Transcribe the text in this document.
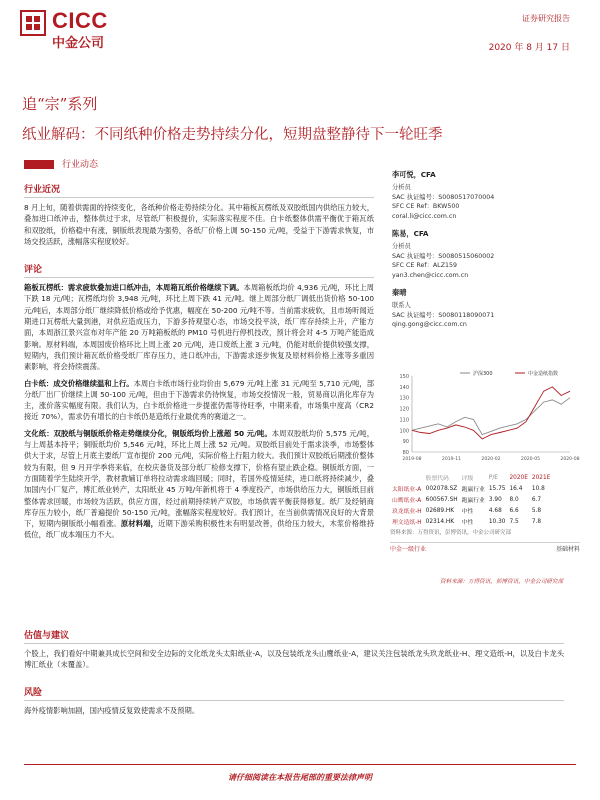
CICC
中金公司
证券研究报告
2020 年 8 月 17 日
追“宗”系列
纸业解码：不同纸种价格走势持续分化，短期盘整静待下一轮旺季
行业动态
行业近况
8 月上旬，随着供需面的持续变化，各纸种价格走势持续分化。其中箱板瓦楞纸及双胶纸国内供给压力较大，叠加进口纸冲击，整体供过于求，尽管纸厂积极提价，实际落实程度不佳。白卡纸整体供需平衡优于箱瓦纸和双胶纸，价格稳中有涨，铜版纸表现最为强势，各纸厂价格上调 50-150 元/吨，受益于下游需求恢复，市场交投活跃，涨幅落实程度较好。
评论
箱板瓦楞纸：需求疲软叠加进口纸冲击，本周箱瓦纸价格继续下调。本周箱板纸均价 4,936 元/吨，环比上周下跌 18 元/吨；瓦楞纸均价 3,948 元/吨，环比上周下跌 41 元/吨。继上周部分纸厂调低出货价格 50-100 元/吨后，本周部分纸厂继续降低价格或给予优惠，幅度在 50-200 元/吨不等。当前需求疲软，且市场听闻近期进口瓦楞纸大量到港，对供应造成压力，下游多持观望心态，市场交投平淡，纸厂库存持续上升，产能方面，本周浙江景兴宣布对年产能 20 万吨箱板纸的 PM10 号机进行停机技改，预计将会对 4-5 万吨产能造成影响。原材料端，本周国废价格环比上周上涨 20 元/吨，进口废纸上涨 3 元/吨，仍能对纸价提供较强支撑，短期内，我们预计箱瓦纸价格受纸厂库存压力，进口纸冲击，下游需求逐步恢复及原材料价格上涨等多重因素影响，将会持续震荡。
白卡纸：成交价格继续温和上行。本周白卡纸市场行业均价由 5,679 元/吨上涨 31 元/吨至 5,710 元/吨，部分纸厂出厂价继续上调 50-100 元/吨，但由于下游需求仍待恢复，市场交投情况一般，贸易商以消化库存为主，涨价落实幅度有限。我们认为，白卡纸价格进一步提涨仍需等待旺季，中期来看，市场集中度高（CR2 接近 70%），需求仍有增长的白卡纸仍是造纸行业最优秀的赛道之一。
文化纸：双胶纸与铜版纸价格走势继续分化，铜版纸均价上涨超 50 元/吨。本周双胶纸均价 5,575 元/吨，与上周基本持平；铜版纸均价 5,546 元/吨，环比上周上涨 52 元/吨。双胶纸目前处于需求淡季，市场整体供大于求，尽管上月底主要纸厂宣布提价 200 元/吨，实际价格上行阻力较大。我们预计双胶纸后期涨价整体较为有限，但 9 月开学季将来临，在校庆备货及部分纸厂检修支撑下，价格有望止跌企稳。铜版纸方面，一方面随着学生陆续开学，教材教辅订单将拉动需求端回暖；同时，若国外疫情延续，进口纸将持续减少，叠加国内小厂复产，博汇纸业转产，太阳纸业 45 万吨/年新机将于 4 季度投产，市场供给压力大，铜版纸目前整体需求回暖，市场较为活跃，供应方面，经过前期持续转产双胶，市场供需平衡获得修复。纸厂及经销商库存压力较小，纸厂普遍提价 50-150 元/吨，涨幅落实程度较好。我们预计，在当前供需情况良好的大背景下，短期内铜版纸小幅看涨。原材料端，近期下游采购积极性未有明显改善，供给压力较大，木浆价格维持低位，纸厂成本端压力不大。
估值与建议
个股上，我们看好中期兼具成长空间和安全边际的文化纸龙头太阳纸业-A，以及包装纸龙头山鹰纸业-A，建议关注包装纸龙头玖龙纸业-H、理文造纸-H，以及白卡龙头博汇纸业（未覆盖）。
风险
海外疫情影响加剧，国内疫情反复致使需求不及预期。
李可悦，CFA
分析员
SAC 执证编号：S0080517070004
SFC CE Ref：BKW500
coral.li@cicc.com.cn
陈易，CFA
分析员
SAC 执证编号：S0080515060002
SFC CE Ref：ALZ159
yan3.chen@cicc.com.cn
秦晴
联系人
SAC 执证编号：S0080118090071
qing.gong@cicc.com.cn
80
90
100
110
120
130
140
150
2019-08	2019-11	2020-02	2020-05	2020-08
沪深300	中金造纸指数
	股票代码	评级	P/E	2020E	2021E
太阳纸业-A	002078.SZ	跑赢行业	15.75	16.4	10.8
山鹰纸业-A	600567.SH	跑赢行业	3.90	8.0	6.7
玖龙纸业-H	02689.HK	中性	4.68	6.6	5.8
理文造纸-H	02314.HK	中性	10.30	7.5	7.8
资料来源：万得资讯，彭博资讯，中金公司研究部
中金一级行业	基础材料
资料来源：万得资讯，彭博资讯，中金公司研究部
请仔细阅读在本报告尾部的重要法律声明
